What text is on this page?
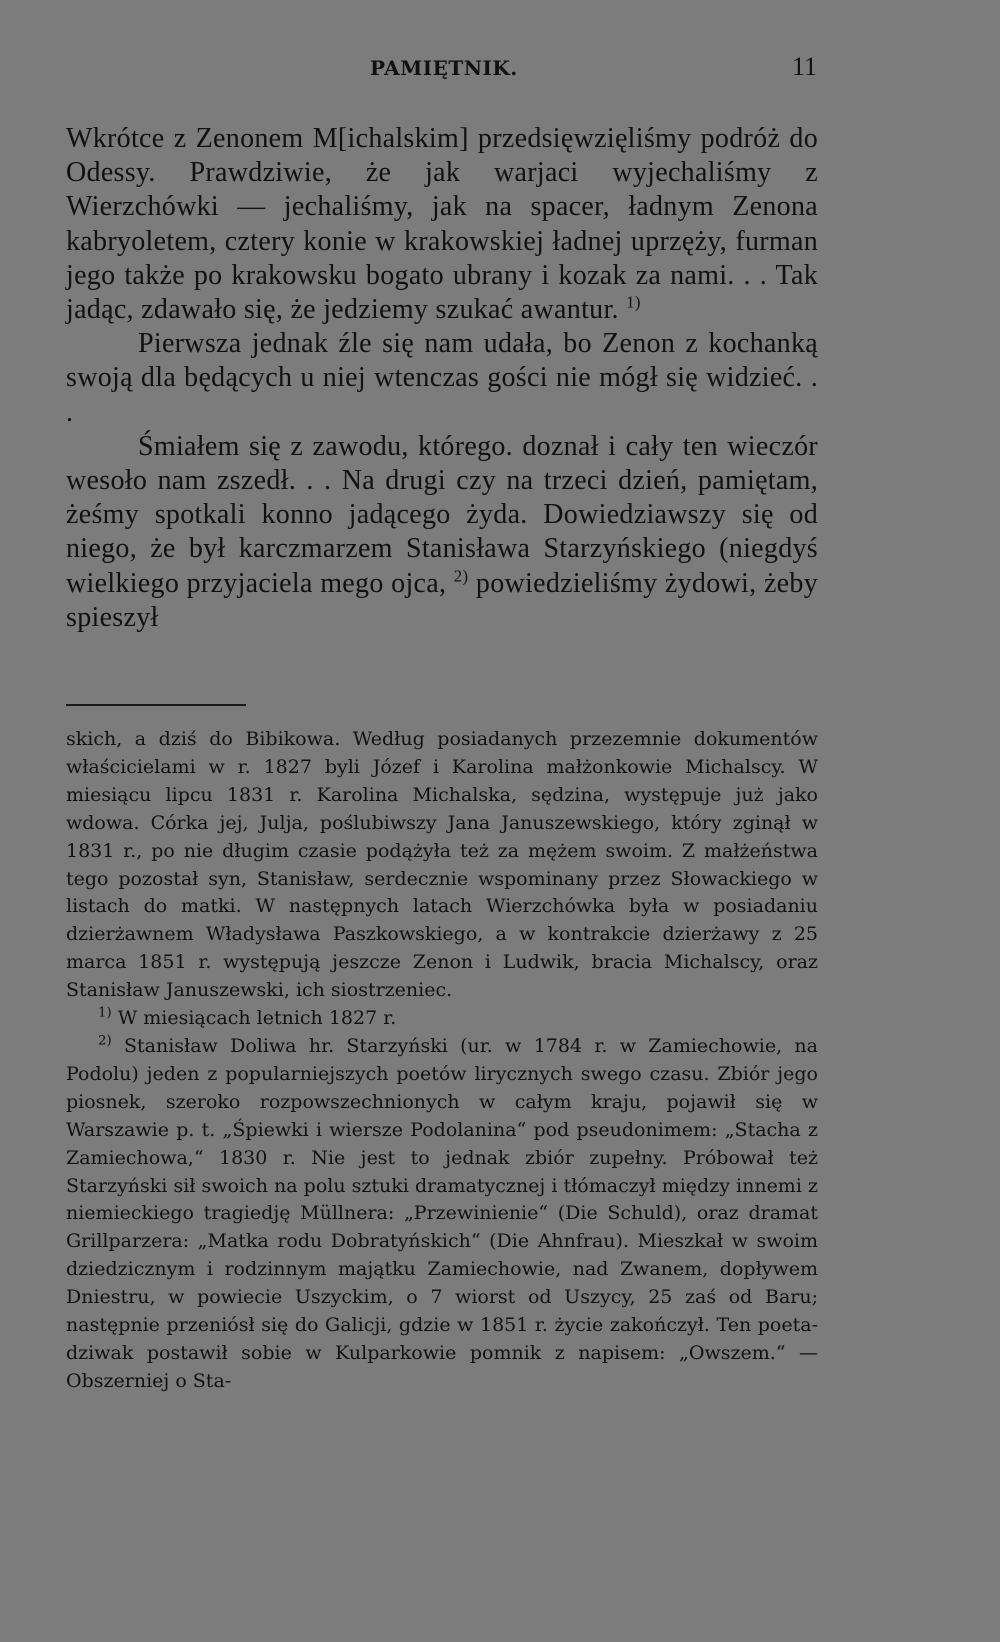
PAMIĘTNIK.	11

Wkrótce z Zenonem M[ichalskim] przedsięwzięliśmy podróż do Odessy. Prawdziwie, że jak warjaci wyjechaliśmy z Wierzchówki — jechaliśmy, jak na spacer, ładnym Zenona kabryoletem, cztery konie w krakowskiej ładnej uprzęży, furman jego także po krakowsku bogato ubrany i kozak za nami. . . Tak jadąc, zdawało się, że jedziemy szukać awantur. $^{1)}$

Pierwsza jednak źle się nam udała, bo Zenon z kochanką swoją dla będących u niej wtenczas gości nie mógł się widzieć. . .

Śmiałem się z zawodu, którego. doznał i cały ten wieczór wesoło nam zszedł. . . Na drugi czy na trzeci dzień, pamiętam, żeśmy spotkali konno jadącego żyda. Dowiedziawszy się od niego, że był karczmarzem Stanisława Starzyńskiego (niegdyś wielkiego przyjaciela mego ojca, $^{2)}$ powiedzieliśmy żydowi, żeby spieszył

skich, a dziś do Bibikowa. Według posiadanych przezemnie dokumentów właścicielami w r. 1827 byli Józef i Karolina małżonkowie Michalscy. W miesiącu lipcu 1831 r. Karolina Michalska, sędzina, występuje już jako wdowa. Córka jej, Julja, poślubiwszy Jana Januszewskiego, który zginął w 1831 r., po nie długim czasie podążyła też za mężem swoim. Z małżeństwa tego pozostał syn, Stanisław, serdecznie wspominany przez Słowackiego w listach do matki. W następnych latach Wierzchówka była w posiadaniu dzierżawnem Władysława Paszkowskiego, a w kontrakcie dzierżawy z 25 marca 1851 r. występują jeszcze Zenon i Ludwik, bracia Michalscy, oraz Stanisław Januszewski, ich siostrzeniec.

$^{1)}$ W miesiącach letnich 1827 r.

$^{2)}$ Stanisław Doliwa hr. Starzyński (ur. w 1784 r. w Zamiechowie, na Podolu) jeden z popularniejszych poetów lirycznych swego czasu. Zbiór jego piosnek, szeroko rozpowszechnionych w całym kraju, pojawił się w Warszawie p. t. „Śpiewki i wiersze Podolanina“ pod pseudonimem: „Stacha z Zamiechowa,“ 1830 r. Nie jest to jednak zbiór zupełny. Próbował też Starzyński sił swoich na polu sztuki dramatycznej i tłómaczył między innemi z niemieckiego tragiedję Müllnera: „Przewinienie“ (Die Schuld), oraz dramat Grillparzera: „Matka rodu Dobratyńskich“ (Die Ahnfrau). Mieszkał w swoim dziedzicznym i rodzinnym majątku Zamiechowie, nad Zwanem, dopływem Dniestru, w powiecie Uszyckim, o 7 wiorst od Uszycy, 25 zaś od Baru; następnie przeniósł się do Galicji, gdzie w 1851 r. życie zakończył. Ten poeta-dziwak postawił sobie w Kulparkowie pomnik z napisem: „Owszem.“ — Obszerniej o Sta-
